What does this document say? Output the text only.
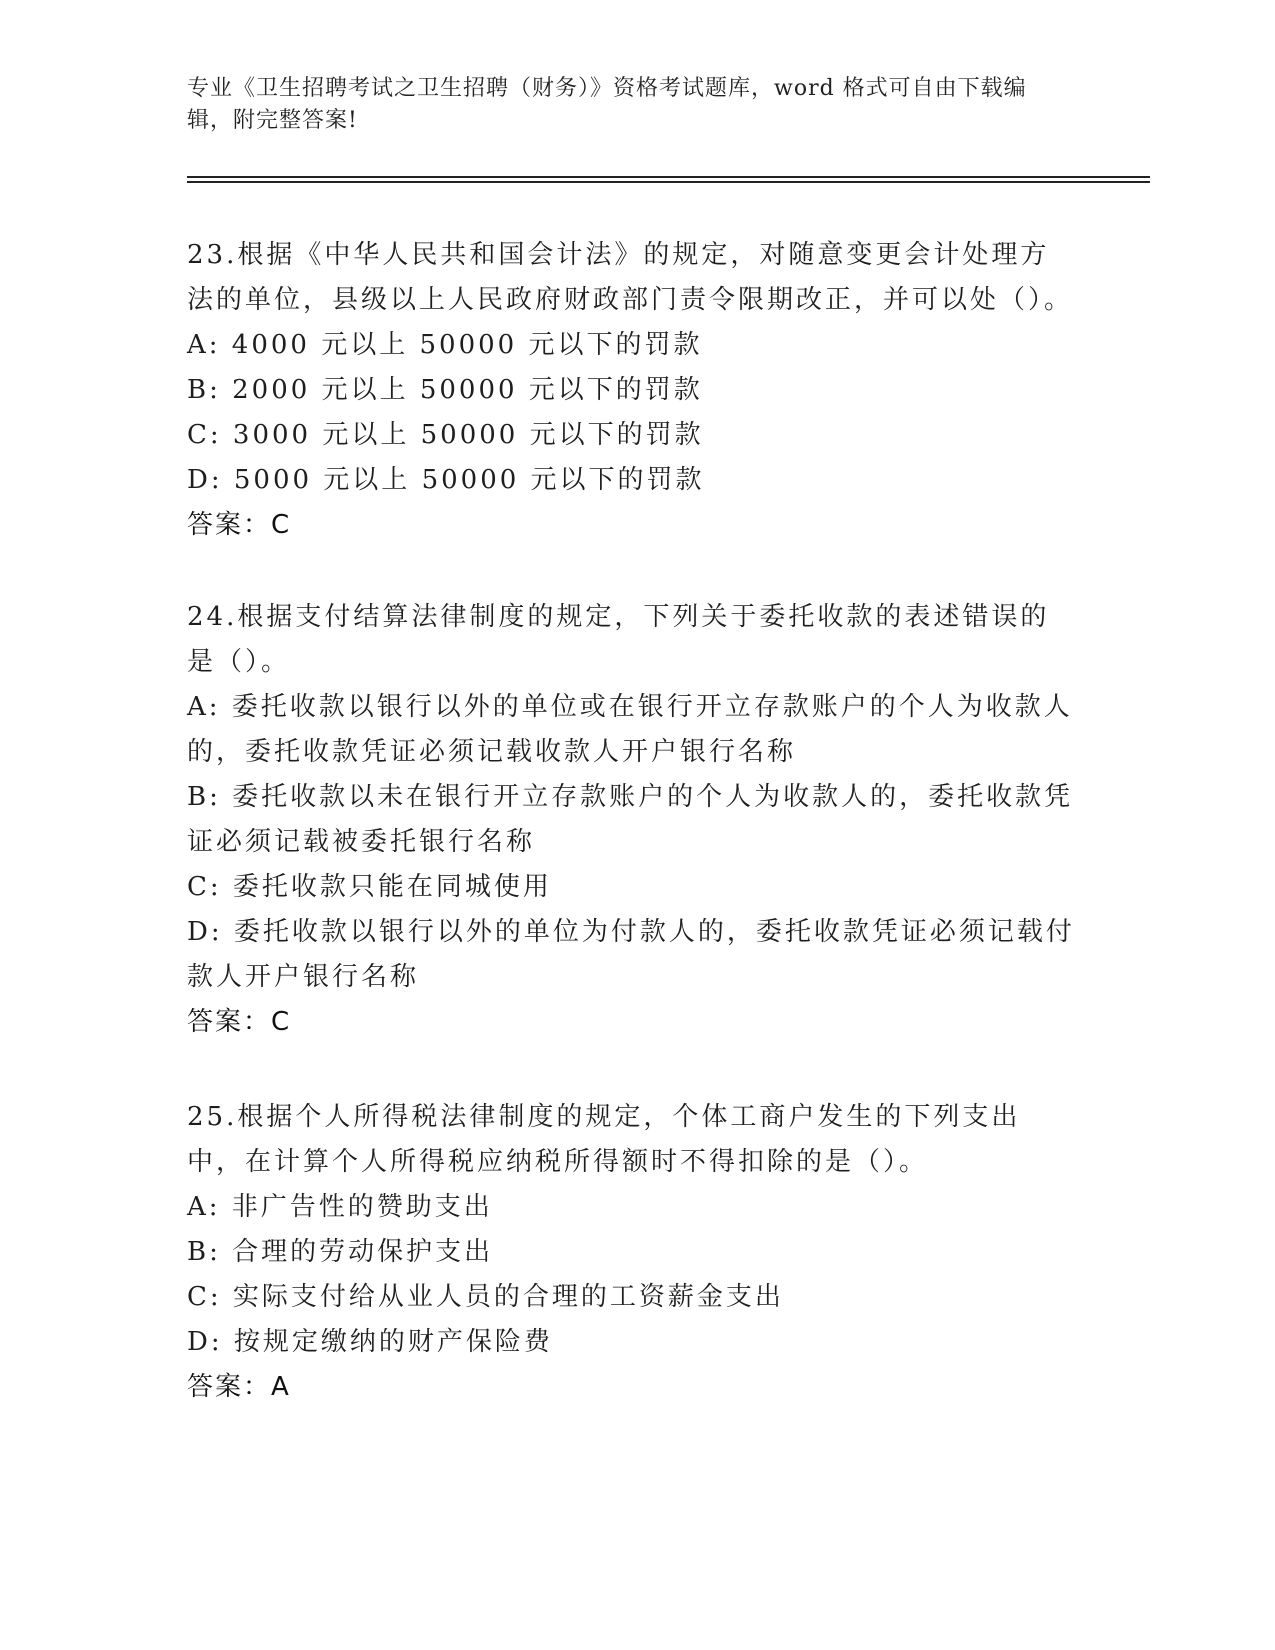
专业《卫生招聘考试之卫生招聘（财务）》资格考试题库，word 格式可自由下载编辑，附完整答案!

23.根据《中华人民共和国会计法》的规定，对随意变更会计处理方法的单位，县级以上人民政府财政部门责令限期改正，并可以处（）。

A: 4000 元以上 50000 元以下的罚款

B: 2000 元以上 50000 元以下的罚款

C: 3000 元以上 50000 元以下的罚款

D: 5000 元以上 50000 元以下的罚款

答案：C

24.根据支付结算法律制度的规定，下列关于委托收款的表述错误的是（）。

A: 委托收款以银行以外的单位或在银行开立存款账户的个人为收款人的，委托收款凭证必须记载收款人开户银行名称

B: 委托收款以未在银行开立存款账户的个人为收款人的，委托收款凭证必须记载被委托银行名称

C: 委托收款只能在同城使用

D: 委托收款以银行以外的单位为付款人的，委托收款凭证必须记载付款人开户银行名称

答案：C

25.根据个人所得税法律制度的规定，个体工商户发生的下列支出中，在计算个人所得税应纳税所得额时不得扣除的是（）。

A: 非广告性的赞助支出

B: 合理的劳动保护支出

C: 实际支付给从业人员的合理的工资薪金支出

D: 按规定缴纳的财产保险费

答案：A
